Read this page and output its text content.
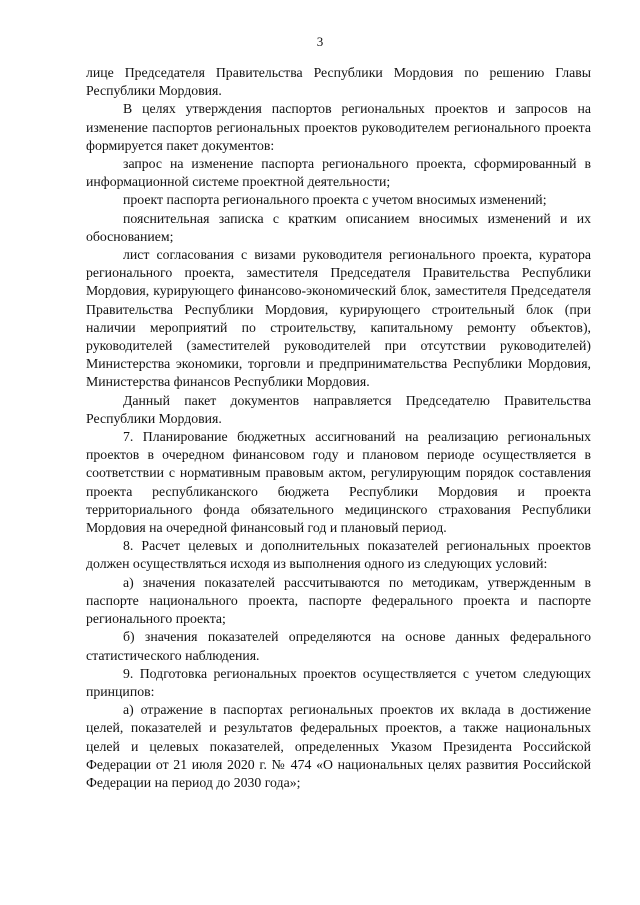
3

лице Председателя Правительства Республики Мордовия по решению Главы Республики Мордовия.

В целях утверждения паспортов региональных проектов и запросов на изменение паспортов региональных проектов руководителем регионального проекта формируется пакет документов:

запрос на изменение паспорта регионального проекта, сформированный в информационной системе проектной деятельности;

проект паспорта регионального проекта с учетом вносимых изменений;

пояснительная записка с кратким описанием вносимых изменений и их обоснованием;

лист согласования с визами руководителя регионального проекта, куратора регионального проекта, заместителя Председателя Правительства Республики Мордовия, курирующего финансово-экономический блок, заместителя Председателя Правительства Республики Мордовия, курирующего строительный блок (при наличии мероприятий по строительству, капитальному ремонту объектов), руководителей (заместителей руководителей при отсутствии руководителей) Министерства экономики, торговли и предпринимательства Республики Мордовия, Министерства финансов Республики Мордовия.

Данный пакет документов направляется Председателю Правительства Республики Мордовия.

7. Планирование бюджетных ассигнований на реализацию региональных проектов в очередном финансовом году и плановом периоде осуществляется в соответствии с нормативным правовым актом, регулирующим порядок составления проекта республиканского бюджета Республики Мордовия и проекта территориального фонда обязательного медицинского страхования Республики Мордовия на очередной финансовый год и плановый период.

8. Расчет целевых и дополнительных показателей региональных проектов должен осуществляться исходя из выполнения одного из следующих условий:

а) значения показателей рассчитываются по методикам, утвержденным в паспорте национального проекта, паспорте федерального проекта и паспорте регионального проекта;

б) значения показателей определяются на основе данных федерального статистического наблюдения.

9. Подготовка региональных проектов осуществляется с учетом следующих принципов:

а) отражение в паспортах региональных проектов их вклада в достижение целей, показателей и результатов федеральных проектов, а также национальных целей и целевых показателей, определенных Указом Президента Российской Федерации от 21 июля 2020 г. № 474 «О национальных целях развития Российской Федерации на период до 2030 года»;
